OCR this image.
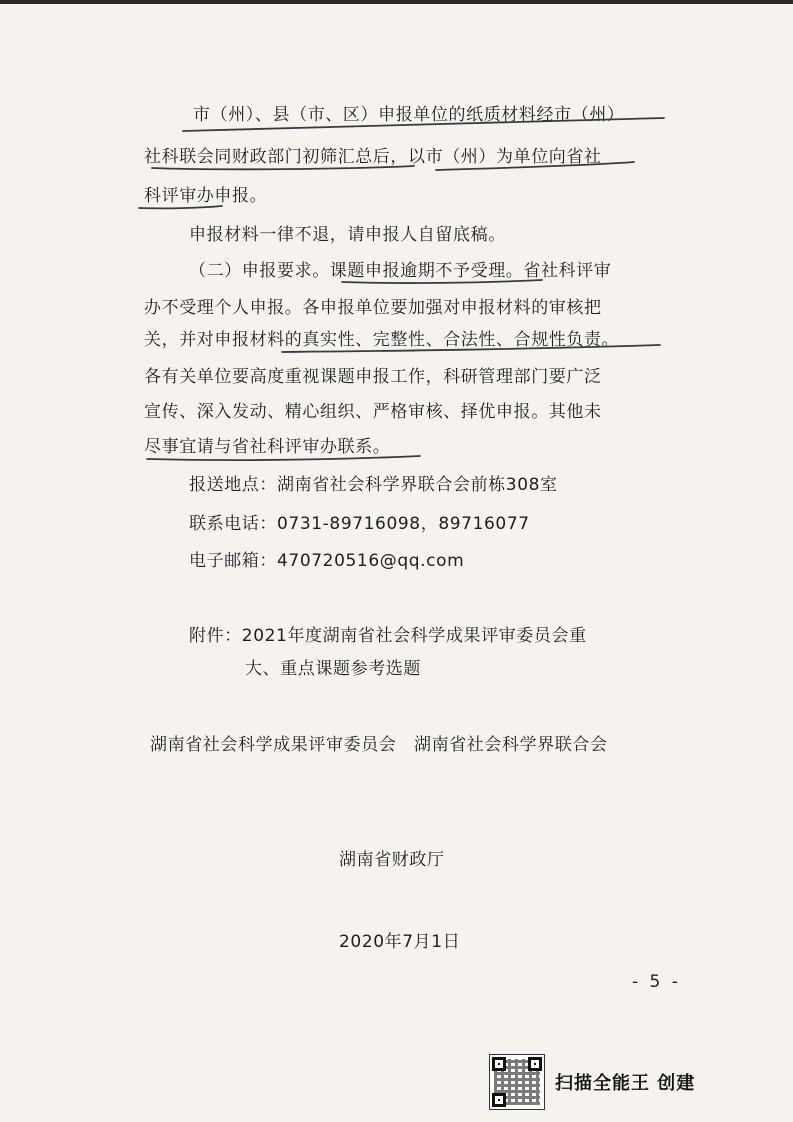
市（州）、县（市、区）申报单位的纸质材料经市（州）
社科联会同财政部门初筛汇总后，以市（州）为单位向省社
科评审办申报。
申报材料一律不退，请申报人自留底稿。
（二）申报要求。课题申报逾期不予受理。省社科评审
办不受理个人申报。各申报单位要加强对申报材料的审核把
关，并对申报材料的真实性、完整性、合法性、合规性负责。
各有关单位要高度重视课题申报工作，科研管理部门要广泛
宣传、深入发动、精心组织、严格审核、择优申报。其他未
尽事宜请与省社科评审办联系。
报送地点：湖南省社会科学界联合会前栋308室
联系电话：0731-89716098，89716077
电子邮箱：470720516@qq.com
附件：2021年度湖南省社会科学成果评审委员会重
大、重点课题参考选题
湖南省社会科学成果评审委员会　湖南省社会科学界联合会
湖南省财政厅
2020年7月1日
- 5 -
扫描全能王 创建
